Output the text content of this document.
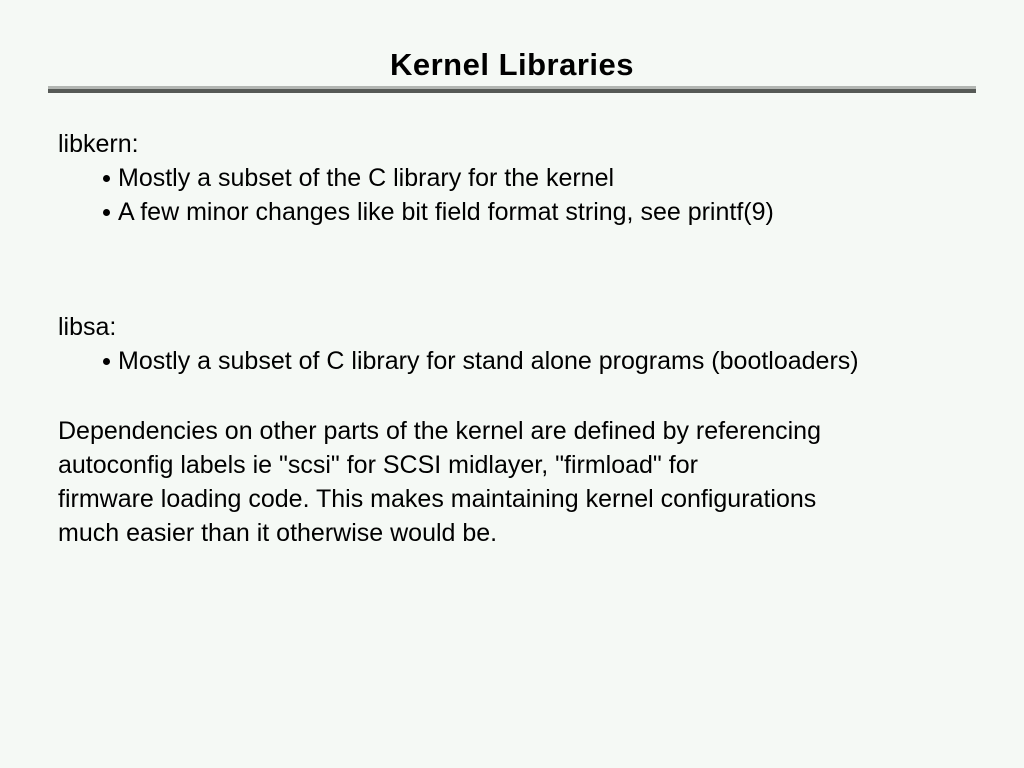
Kernel Libraries
libkern:
Mostly a subset of the C library for the kernel
A few minor changes like bit field format string, see printf(9)
libsa:
Mostly a subset of C library for stand alone programs (bootloaders)
Dependencies on other parts of the kernel are defined by referencing
autoconfig labels ie "scsi" for SCSI midlayer, "firmload" for
firmware loading code. This makes maintaining kernel configurations
much easier than it otherwise would be.
